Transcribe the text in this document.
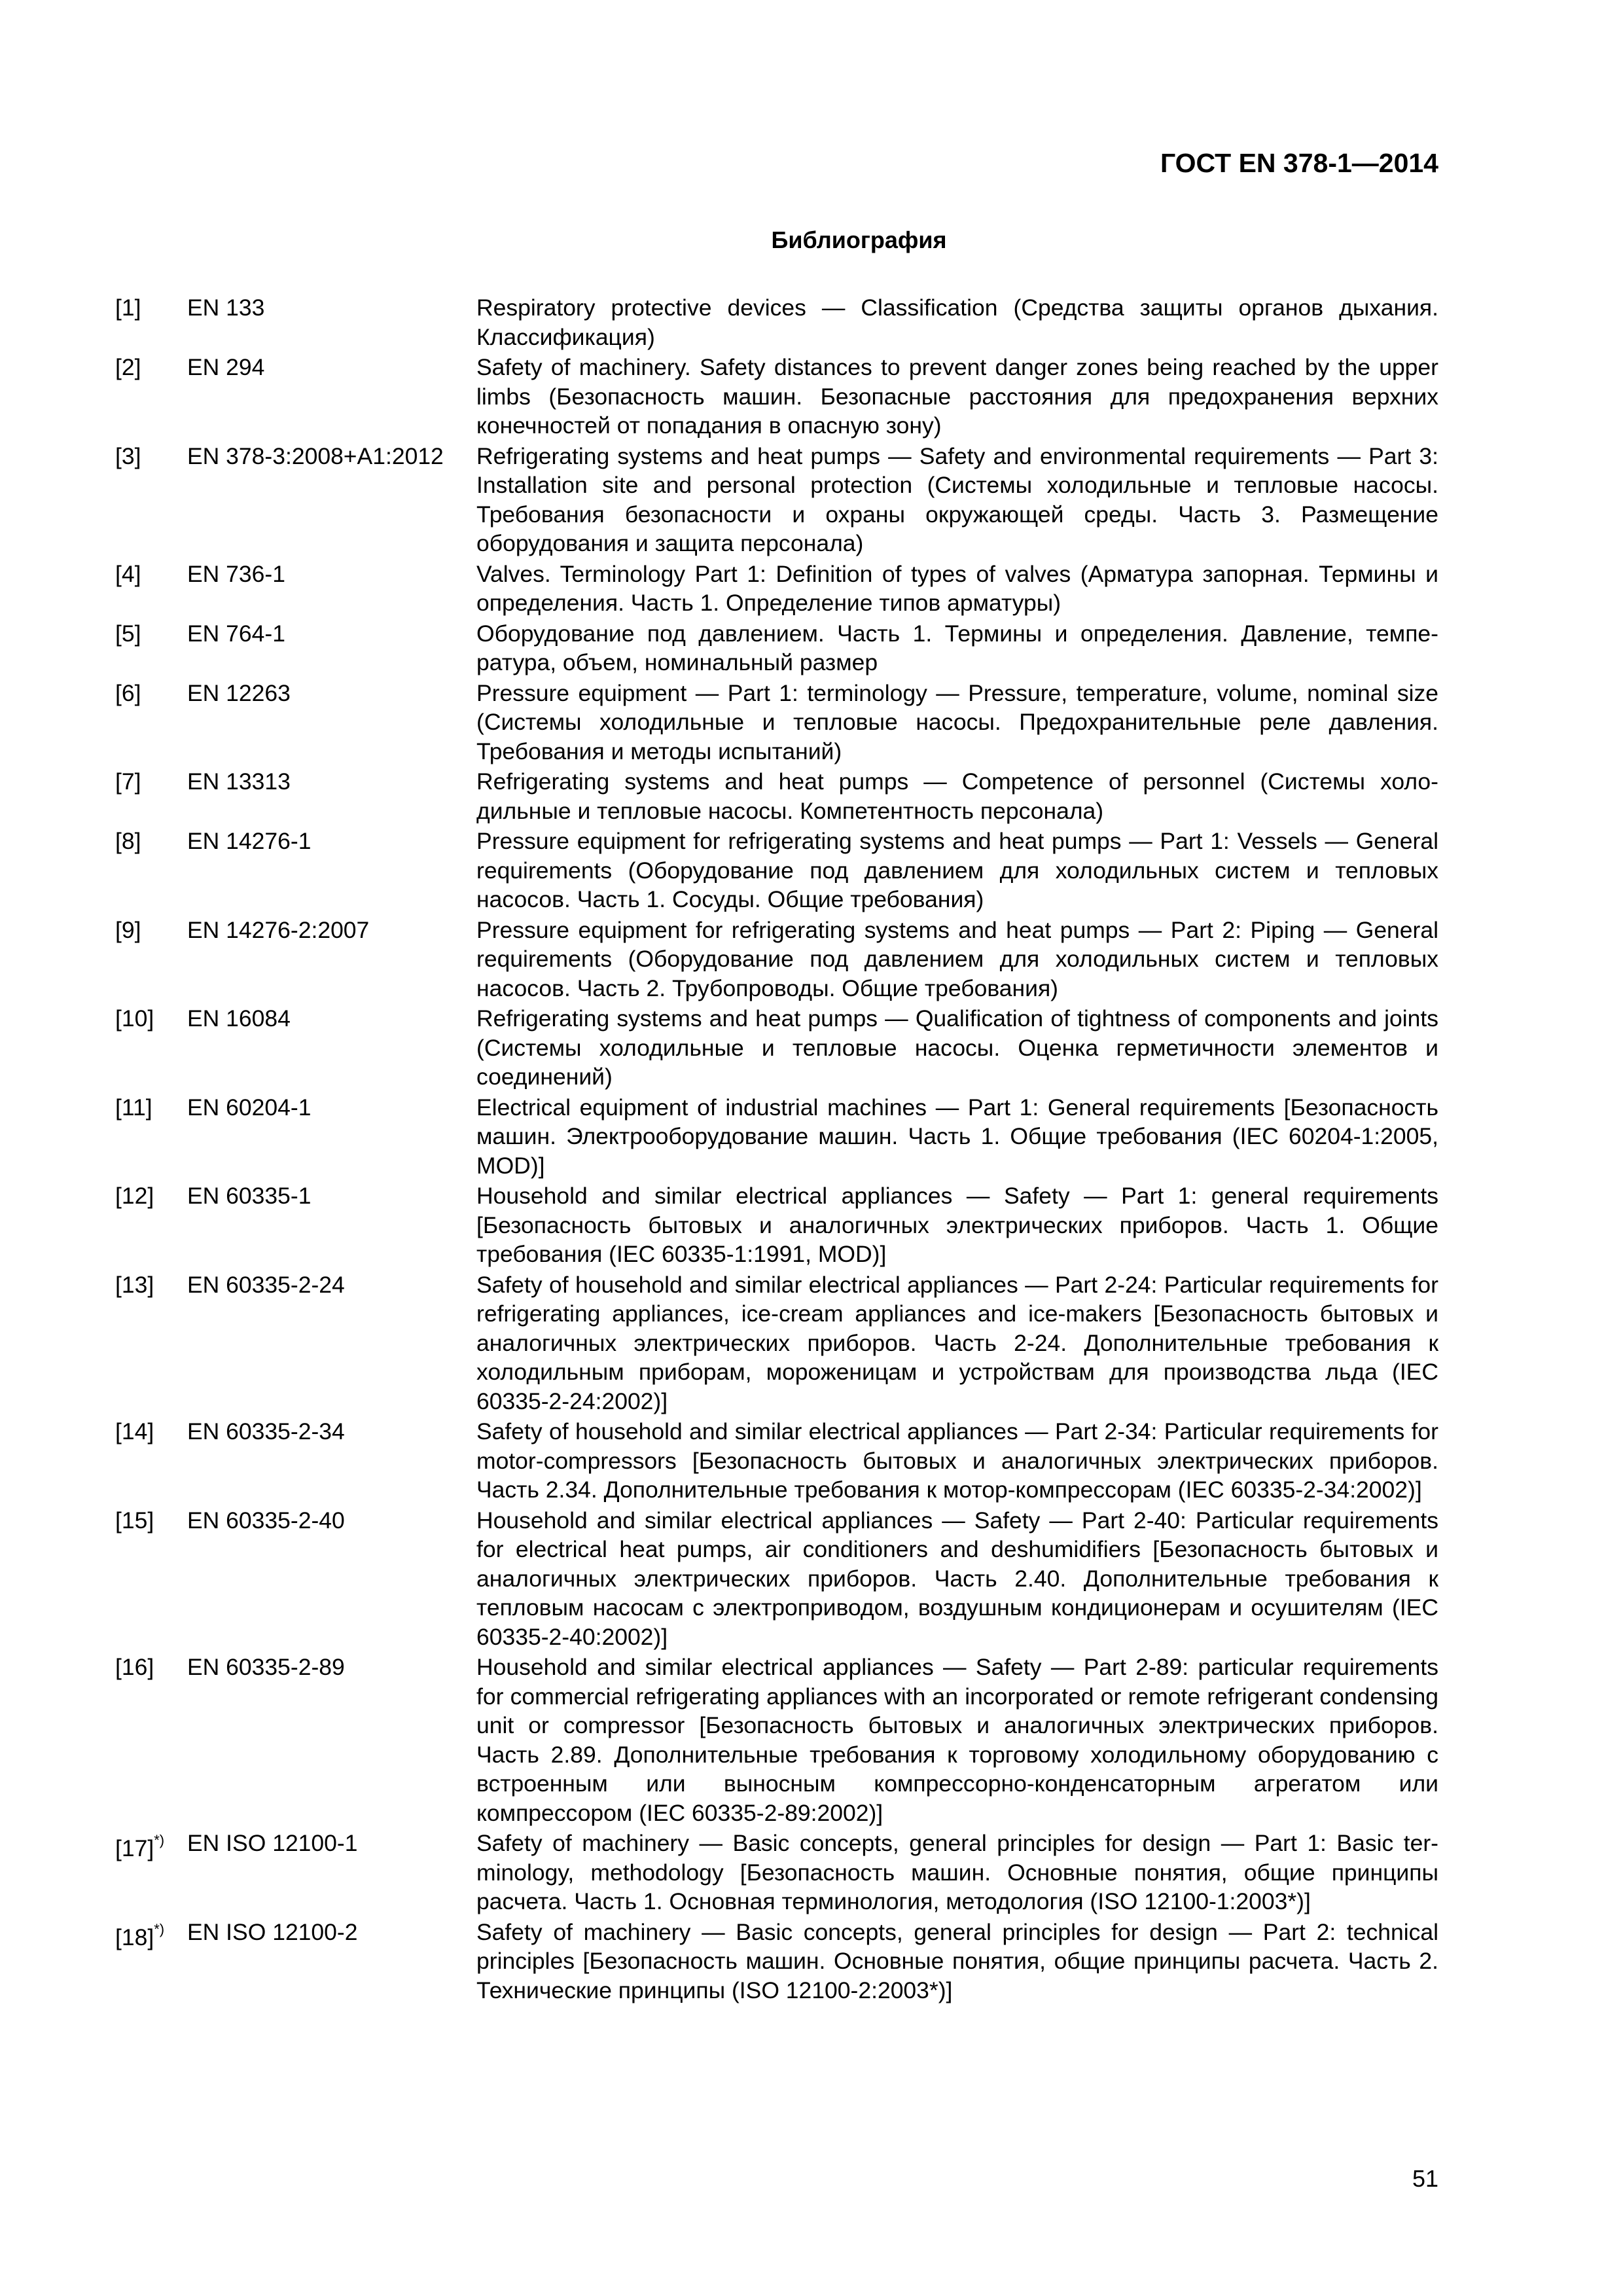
ГОСТ EN 378-1—2014
Библиография
[1]	EN 133	Respiratory protective devices — Classification (Средства защиты органов дыхания. Классификация)
[2]	EN 294	Safety of machinery. Safety distances to prevent danger zones being reached by the upper limbs (Безопасность машин. Безопасные расстояния для предохранения верхних конечностей от попадания в опасную зону)
[3]	EN 378-3:2008+A1:2012	Refrigerating systems and heat pumps — Safety and environmental requirements — Part 3: Installation site and personal protection (Системы холодильные и тепловые насосы. Требования безопасности и охраны окружающей среды. Часть 3. Размещение оборудования и защита персонала)
[4]	EN 736-1	Valves. Terminology Part 1: Definition of types of valves (Арматура запорная. Термины и определения. Часть 1. Определение типов арматуры)
[5]	EN 764-1	Оборудование под давлением. Часть 1. Термины и определения. Давление, температура, объем, номинальный размер
[6]	EN 12263	Pressure equipment — Part 1: terminology — Pressure, temperature, volume, nominal size (Системы холодильные и тепловые насосы. Предохранительные реле давления. Требования и методы испытаний)
[7]	EN 13313	Refrigerating systems and heat pumps — Competence of personnel (Системы холодильные и тепловые насосы. Компетентность персонала)
[8]	EN 14276-1	Pressure equipment for refrigerating systems and heat pumps — Part 1: Vessels — General requirements (Оборудование под давлением для холодильных систем и тепловых насосов. Часть 1. Сосуды. Общие требования)
[9]	EN 14276-2:2007	Pressure equipment for refrigerating systems and heat pumps — Part 2: Piping — General requirements (Оборудование под давлением для холодильных систем и тепловых насосов. Часть 2. Трубопроводы. Общие требования)
[10]	EN 16084	Refrigerating systems and heat pumps — Qualification of tightness of components and joints (Системы холодильные и тепловые насосы. Оценка герметичности элементов и соединений)
[11]	EN 60204-1	Electrical equipment of industrial machines — Part 1: General requirements [Безопасность машин. Электрооборудование машин. Часть 1. Общие требования (IEC 60204-1:2005, MOD)]
[12]	EN 60335-1	Household and similar electrical appliances — Safety — Part 1: general requirements [Безопасность бытовых и аналогичных электрических приборов. Часть 1. Общие требования (IEC 60335-1:1991, MOD)]
[13]	EN 60335-2-24	Safety of household and similar electrical appliances — Part 2-24: Particular requirements for refrigerating appliances, ice-cream appliances and ice-makers [Безопасность бытовых и аналогичных электрических приборов. Часть 2-24. Дополнительные требования к холодильным приборам, мороженицам и устройствам для производства льда (IEC 60335-2-24:2002)]
[14]	EN 60335-2-34	Safety of household and similar electrical appliances — Part 2-34: Particular requirements for motor-compressors [Безопасность бытовых и аналогичных электрических приборов. Часть 2.34. Дополнительные требования к мотор-компрессорам (IEC 60335-2-34:2002)]
[15]	EN 60335-2-40	Household and similar electrical appliances — Safety — Part 2-40: Particular requirements for electrical heat pumps, air conditioners and deshumidifiers [Безопасность бытовых и аналогичных электрических приборов. Часть 2.40. Дополнительные требования к тепловым насосам с электроприводом, воздушным кондиционерам и осушителям (IEC 60335-2-40:2002)]
[16]	EN 60335-2-89	Household and similar electrical appliances — Safety — Part 2-89: particular requirements for commercial refrigerating appliances with an incorporated or remote refrigerant condensing unit or compressor [Безопасность бытовых и аналогичных электрических приборов. Часть 2.89. Дополнительные требования к торговому холодильному оборудованию с встроенным или выносным компрессорно-конденсаторным агрегатом или компрессором (IEC 60335-2-89:2002)]
[17]*) EN ISO 12100-1	Safety of machinery — Basic concepts, general principles for design — Part 1: Basic terminology, methodology [Безопасность машин. Основные понятия, общие принципы расчета. Часть 1. Основная терминология, методология (ISO 12100-1:2003*)]
[18]*) EN ISO 12100-2	Safety of machinery — Basic concepts, general principles for design — Part 2: technical principles [Безопасность машин. Основные понятия, общие принципы расчета. Часть 2. Технические принципы (ISO 12100-2:2003*)]
51
